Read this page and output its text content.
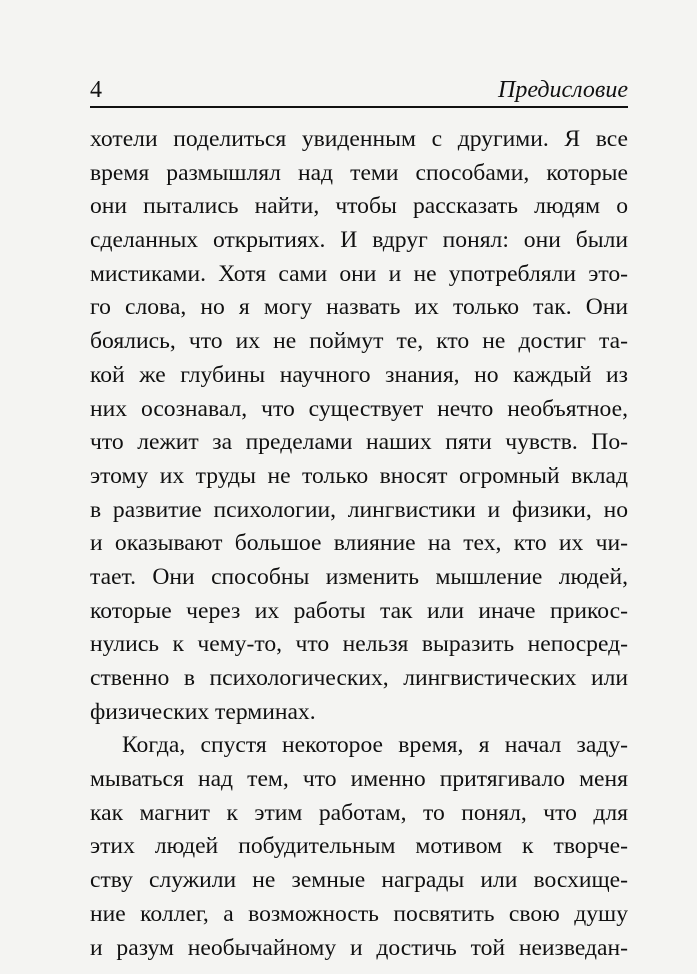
4	Предисловие
хотели поделиться увиденным с другими. Я все
время размышлял над теми способами, которые
они пытались найти, чтобы рассказать людям о
сделанных открытиях. И вдруг понял: они были
мистиками. Хотя сами они и не употребляли это-
го слова, но я могу назвать их только так. Они
боялись, что их не поймут те, кто не достиг та-
кой же глубины научного знания, но каждый из
них осознавал, что существует нечто необъятное,
что лежит за пределами наших пяти чувств. По-
этому их труды не только вносят огромный вклад
в развитие психологии, лингвистики и физики, но
и оказывают большое влияние на тех, кто их чи-
тает. Они способны изменить мышление людей,
которые через их работы так или иначе прикос-
нулись к чему-то, что нельзя выразить непосред-
ственно в психологических, лингвистических или
физических терминах.
Когда, спустя некоторое время, я начал заду-
мываться над тем, что именно притягивало меня
как магнит к этим работам, то понял, что для
этих людей побудительным мотивом к творче-
ству служили не земные награды или восхище-
ние коллег, а возможность посвятить свою душу
и разум необычайному и достичь той неизведан-
